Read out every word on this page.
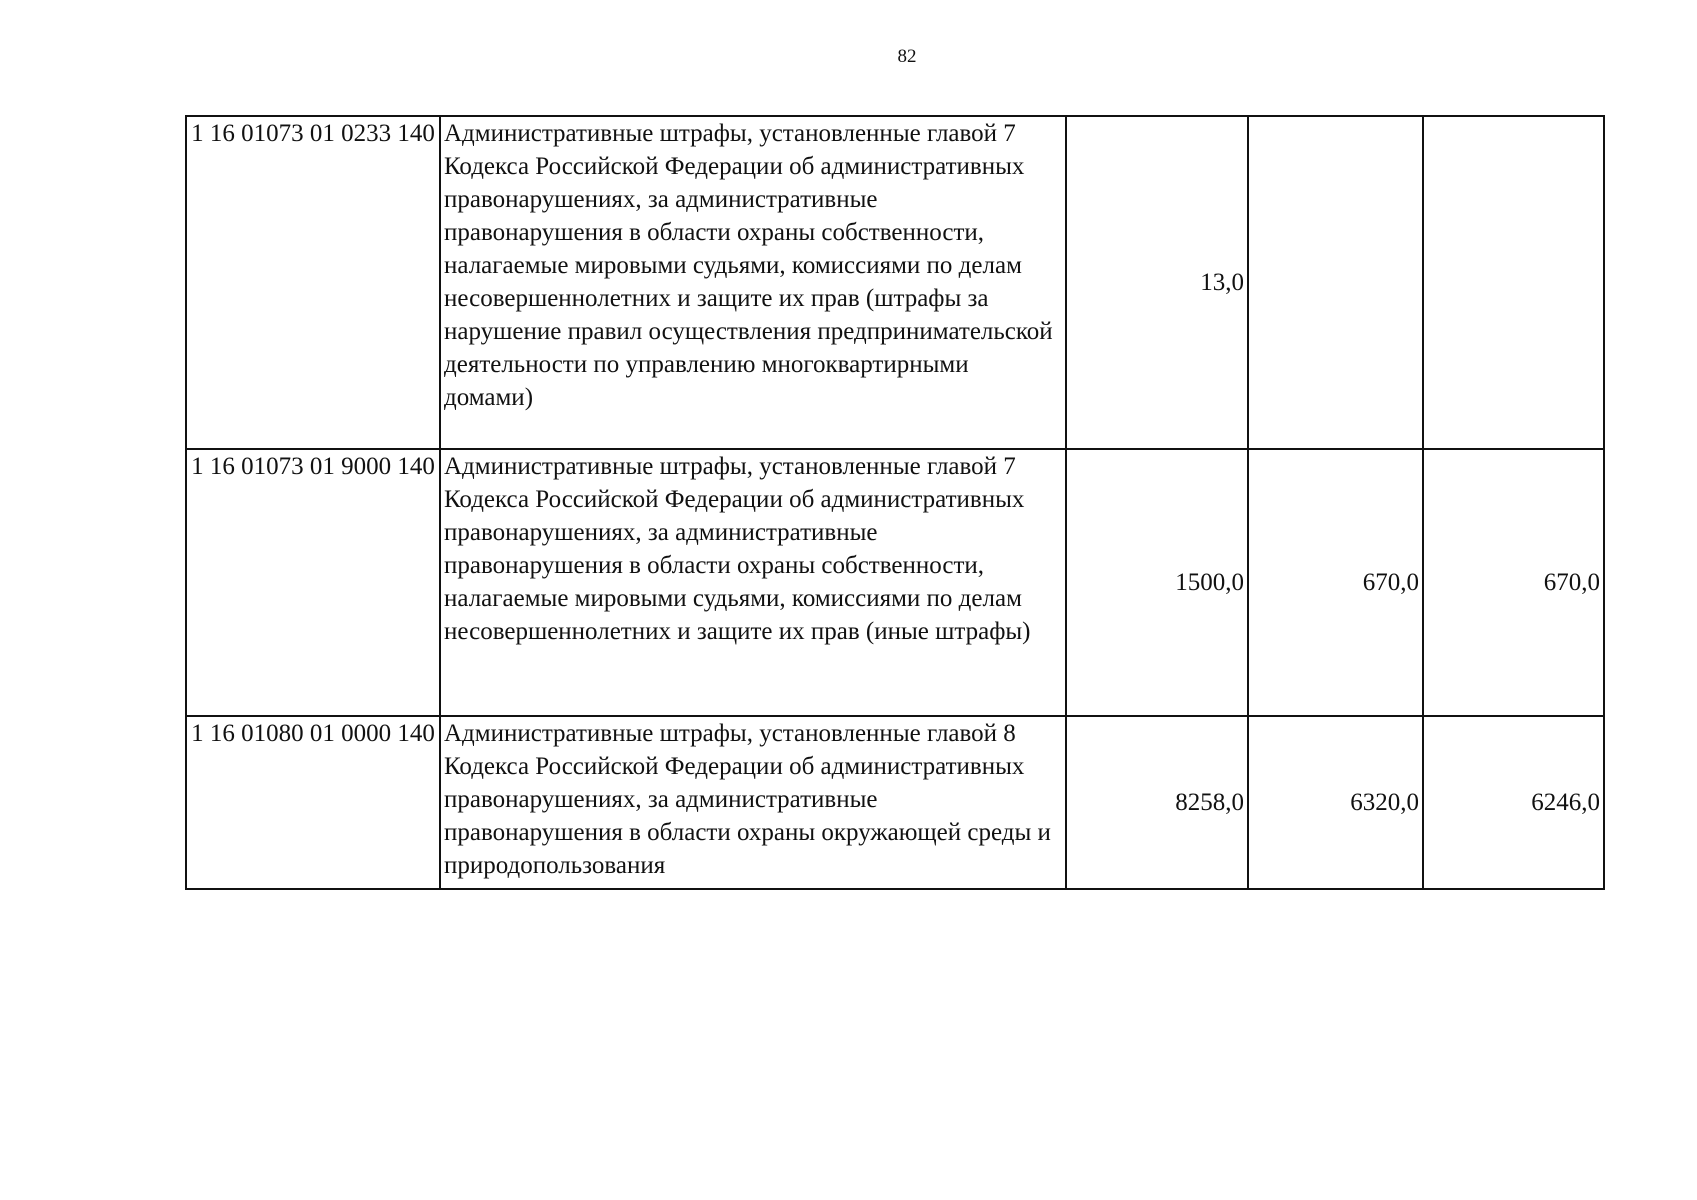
82
1 16 01073 01 0233 140	Административные штрафы, установленные главой 7 Кодекса Российской Федерации об административных правонарушениях, за административные правонарушения в области охраны собственности, налагаемые мировыми судьями, комиссиями по делам несовершеннолетних и защите их прав (штрафы за нарушение правил осуществления предпринимательской деятельности по управлению многоквартирными домами)	13,0		
1 16 01073 01 9000 140	Административные штрафы, установленные главой 7 Кодекса Российской Федерации об административных правонарушениях, за административные правонарушения в области охраны собственности, налагаемые мировыми судьями, комиссиями по делам несовершеннолетних и защите их прав (иные штрафы)	1500,0	670,0	670,0
1 16 01080 01 0000 140	Административные штрафы, установленные главой 8 Кодекса Российской Федерации об административных правонарушениях, за административные правонарушения в области охраны окружающей среды и природопользования	8258,0	6320,0	6246,0
